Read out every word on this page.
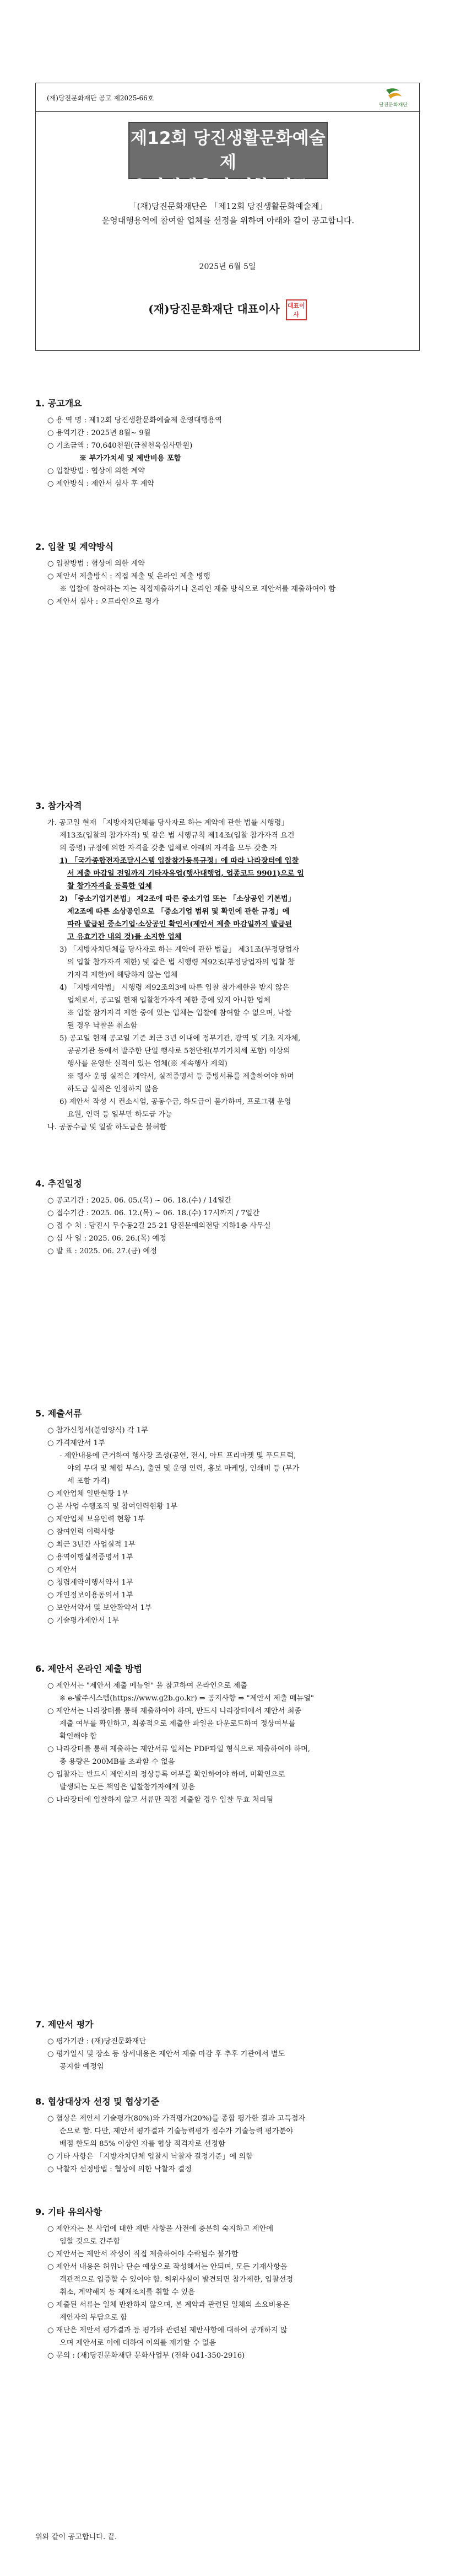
(재)당진문화재단 공고 제2025-66호
당진문화재단
제12회 당진생활문화예술제
운영대행용역 입찰 재공고
「(재)당진문화재단은 「제12회 당진생활문화예술제」
운영대행용역에 참여할 업체를 선정을 위하여 아래와 같이 공고합니다.
2025년 6월 5일
(재)당진문화재단 대표이사 대표이사
1. 공고개요
○ 용 역 명 : 제12회 당진생활문화예술제 운영대행용역
○ 용역기간 : 2025년 8월~ 9월
○ 기초금액 : 70,640천원(금칠천육십사만원)
※ 부가가치세 및 제반비용 포함
○ 입찰방법 : 협상에 의한 계약
○ 제안방식 : 제안서 심사 후 계약
2. 입찰 및 계약방식
○ 입찰방법 : 협상에 의한 계약
○ 제안서 제출방식 : 직접 제출 및 온라인 제출 병행
※ 입찰에 참여하는 자는 직접제출하거나 온라인 제출 방식으로 제안서를 제출하여야 함
○ 제안서 심사 : 오프라인으로 평가
3. 참가자격
가. 공고일 현재 「지방자치단체를 당사자로 하는 계약에 관한 법률 시행령」
제13조(입찰의 참가자격) 및 같은 법 시행규칙 제14조(입찰 참가자격 요건
의 증명) 규정에 의한 자격을 갖춘 업체로 아래의 자격을 모두 갖춘 자
1) 「국가종합전자조달시스템 입찰참가등록규정」에 따라 나라장터에 입찰
서 제출 마감일 전일까지 기타자유업(행사대행업, 업종코드 9901)으로 입
찰 참가자격을 등록한 업체
2) 「중소기업기본법」 제2조에 따른 중소기업 또는 「소상공인 기본법」
제2조에 따른 소상공인으로 「중소기업 범위 및 확인에 관한 규정」에
따라 발급된 중소기업·소상공인 확인서(제안서 제출 마감일까지 발급된
고 유효기간 내의 것)를 소지한 업체
3) 「지방자치단체를 당사자로 하는 계약에 관한 법률」 제31조(부정당업자
의 입찰 참가자격 제한) 및 같은 법 시행령 제92조(부정당업자의 입찰 참
가자격 제한)에 해당하지 않는 업체
4) 「지방계약법」 시행령 제92조의3에 따른 입찰 참가제한을 받지 않은
업체로서, 공고일 현재 입찰참가자격 제한 중에 있지 아니한 업체
※ 입찰 참가자격 제한 중에 있는 업체는 입찰에 참여할 수 없으며, 낙찰
될 경우 낙찰을 취소함
5) 공고일 현재 공고일 기준 최근 3년 이내에 정부기관, 광역 및 기초 지자체,
공공기관 등에서 발주한 단일 행사로 5천만원(부가가치세 포함) 이상의
행사를 운영한 실적이 있는 업체(※ 계속행사 제외)
※ 행사 운영 실적은 계약서, 실적증명서 등 증빙서류를 제출하여야 하며
하도급 실적은 인정하지 않음
6) 제안서 작성 시 컨소시엄, 공동수급, 하도급이 불가하며, 프로그램 운영
요원, 인력 등 일부만 하도급 가능
나. 공동수급 및 일괄 하도급은 불허함
4. 추진일정
○ 공고기간 : 2025. 06. 05.(목) ~ 06. 18.(수) / 14일간
○ 접수기간 : 2025. 06. 12.(목) ~ 06. 18.(수) 17시까지 / 7일간
○ 접 수 처 : 당진시 무수동2길 25-21 당진문예의전당 지하1층 사무실
○ 심 사 일 : 2025. 06. 26.(목) 예정
○ 발 표 : 2025. 06. 27.(금) 예정
5. 제출서류
○ 참가신청서(붙임양식) 각 1부
○ 가격제안서 1부
- 제안내용에 근거하여 행사장 조성(공연, 전시, 아트 프리마켓 및 푸드트럭,
야외 무대 및 체험 부스), 출연 및 운영 인력, 홍보 마케팅, 인쇄비 등 (부가
세 포함 가격)
○ 제안업체 일반현황 1부
○ 본 사업 수행조직 및 참여인력현황 1부
○ 제안업체 보유인력 현황 1부
○ 참여인력 이력사항
○ 최근 3년간 사업실적 1부
○ 용역이행실적증명서 1부
○ 제안서
○ 청렴계약이행서약서 1부
○ 개인정보이용동의서 1부
○ 보안서약서 및 보안확약서 1부
○ 기술평가제안서 1부
6. 제안서 온라인 제출 방법
○ 제안서는 "제안서 제출 메뉴얼" 을 참고하여 온라인으로 제출
※ e-발주시스템(https://www.g2b.go.kr) ⇒ 공지사항 ⇒ "제안서 제출 메뉴얼"
○ 제안서는 나라장터를 통해 제출하여야 하며, 반드시 나라장터에서 제안서 최종
제출 여부를 확인하고, 최종적으로 제출한 파일을 다운로드하여 정상여부를
확인해야 함
○ 나라장터를 통해 제출하는 제안서류 일체는 PDF파일 형식으로 제출하여야 하며,
총 용량은 200MB를 초과할 수 없음
○ 입찰자는 반드시 제안서의 정상등록 여부를 확인하여야 하며, 미확인으로
발생되는 모든 책임은 입찰참가자에게 있음
○ 나라장터에 입찰하지 않고 서류만 직접 제출할 경우 입찰 무효 처리됨
7. 제안서 평가
○ 평가기관 : (재)당진문화재단
○ 평가일시 및 장소 등 상세내용은 제안서 제출 마감 후 추후 기관에서 별도
공지할 예정임
8. 협상대상자 선정 및 협상기준
○ 협상은 제안서 기술평가(80%)와 가격평가(20%)를 종합 평가한 결과 고득점자
순으로 함. 다만, 제안서 평가결과 기술능력평가 점수가 기술능력 평가분야
배점 한도의 85% 이상인 자를 협상 적격자로 선정함
○ 기타 사항은 「지방자치단체 입찰시 낙찰자 결정기준」에 의함
○ 낙찰자 선정방법 : 협상에 의한 낙찰자 결정
9. 기타 유의사항
○ 제안자는 본 사업에 대한 제반 사항을 사전에 충분히 숙지하고 제안에
임할 것으로 간주함
○ 제안서는 제안서 작성이 직접 제출하여야 수락됨수 불가함
○ 제안서 내용은 허위나 단순 예상으로 작성해서는 안되며, 모든 기재사항을
객관적으로 입증할 수 있어야 함. 허위사실이 발견되면 참가제한, 입찰선정
취소, 계약해지 등 제재조치를 취할 수 있음
○ 제출된 서류는 일체 반환하지 않으며, 본 계약과 관련된 일체의 소요비용은
제안자의 부담으로 함
○ 재단은 제안서 평가결과 등 평가와 관련된 제반사항에 대하여 공개하지 않
으며 제안서로 이에 대하여 이의를 제기할 수 없음
○ 문의 : (재)당진문화재단 문화사업부 (전화 041-350-2916)
위와 같이 공고합니다. 끝.
